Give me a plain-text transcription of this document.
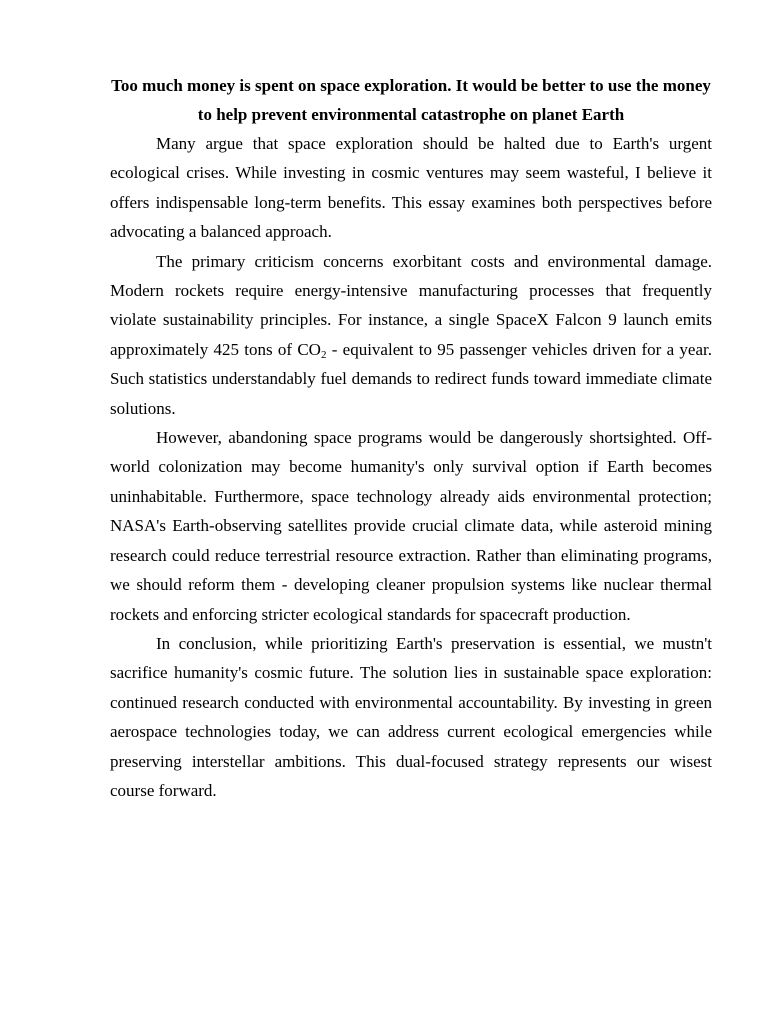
Too much money is spent on space exploration. It would be better to use the money to help prevent environmental catastrophe on planet Earth

Many argue that space exploration should be halted due to Earth's urgent ecological crises. While investing in cosmic ventures may seem wasteful, I believe it offers indispensable long-term benefits. This essay examines both perspectives before advocating a balanced approach.

The primary criticism concerns exorbitant costs and environmental damage. Modern rockets require energy-intensive manufacturing processes that frequently violate sustainability principles. For instance, a single SpaceX Falcon 9 launch emits approximately 425 tons of $CO_2$ - equivalent to 95 passenger vehicles driven for a year. Such statistics understandably fuel demands to redirect funds toward immediate climate solutions.

However, abandoning space programs would be dangerously shortsighted. Off-world colonization may become humanity's only survival option if Earth becomes uninhabitable. Furthermore, space technology already aids environmental protection; NASA's Earth-observing satellites provide crucial climate data, while asteroid mining research could reduce terrestrial resource extraction. Rather than eliminating programs, we should reform them - developing cleaner propulsion systems like nuclear thermal rockets and enforcing stricter ecological standards for spacecraft production.

In conclusion, while prioritizing Earth's preservation is essential, we mustn't sacrifice humanity's cosmic future. The solution lies in sustainable space exploration: continued research conducted with environmental accountability. By investing in green aerospace technologies today, we can address current ecological emergencies while preserving interstellar ambitions. This dual-focused strategy represents our wisest course forward.
